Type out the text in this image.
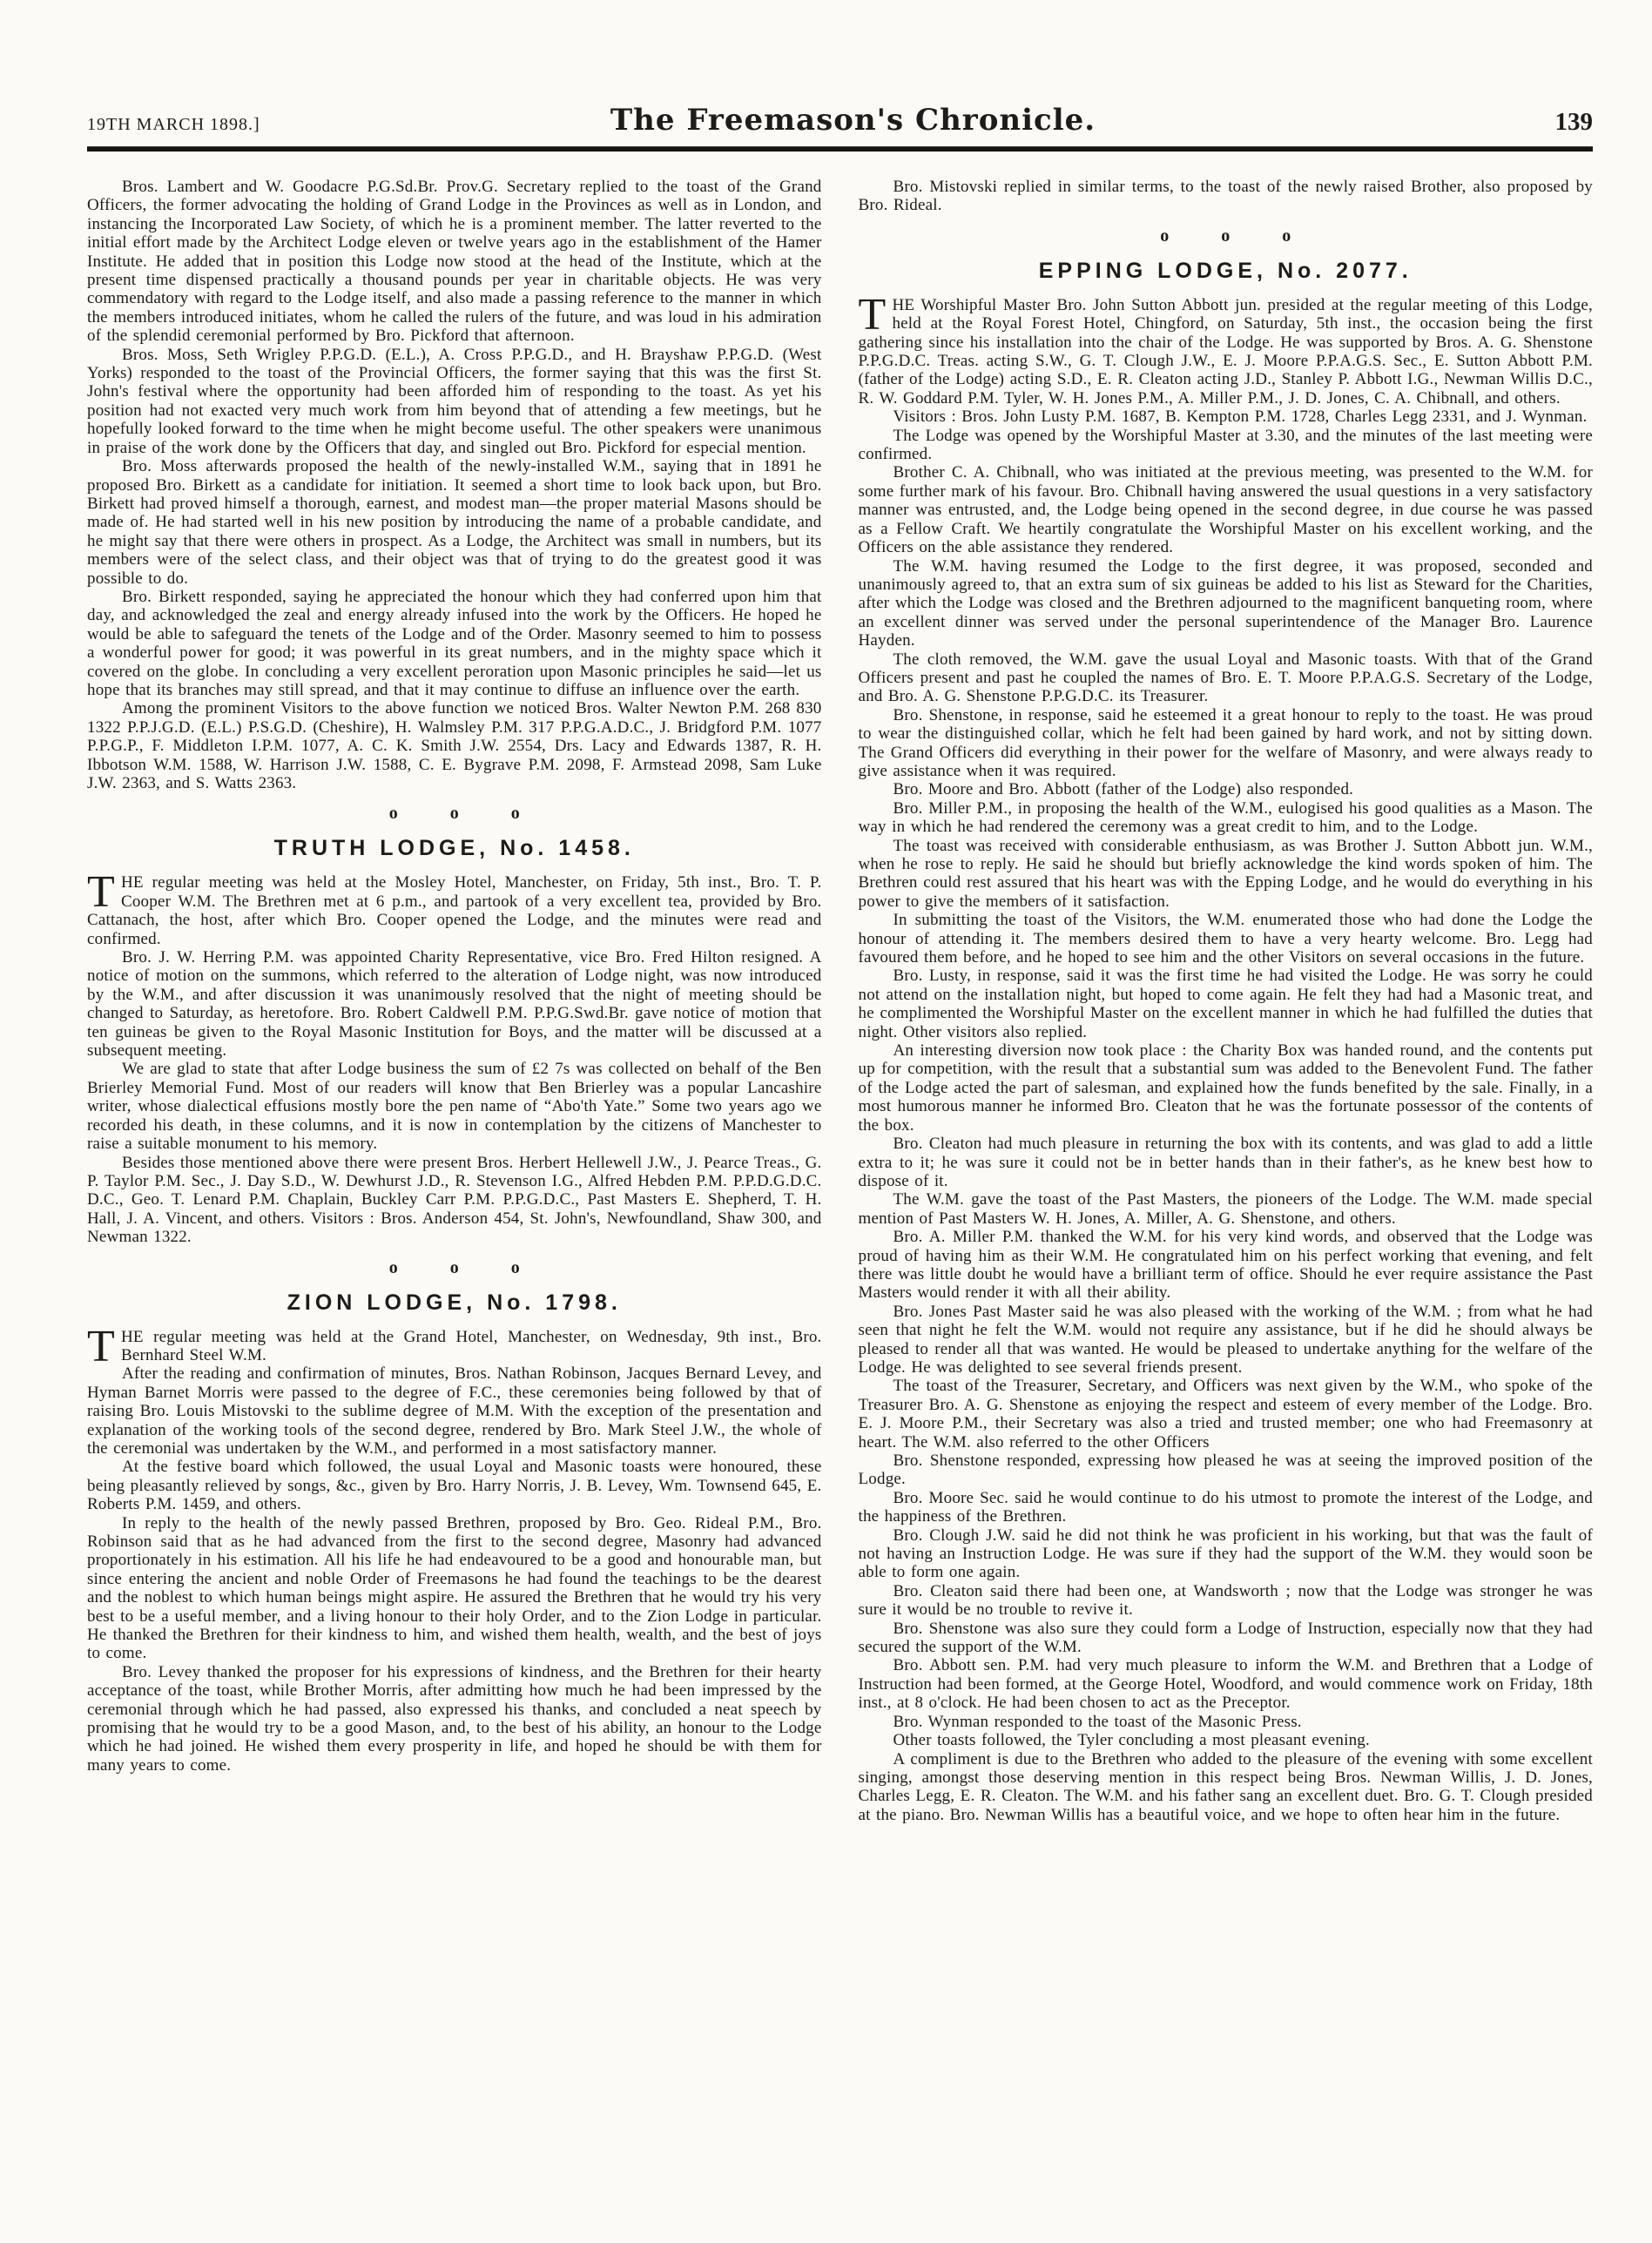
19TH MARCH 1898.]	The Freemason's Chronicle.	139

Bros. Lambert and W. Goodacre P.G.Sd.Br. Prov.G. Secretary replied to the toast of the Grand Officers, the former advocating the holding of Grand Lodge in the Provinces as well as in London, and instancing the Incorporated Law Society, of which he is a prominent member. The latter reverted to the initial effort made by the Architect Lodge eleven or twelve years ago in the establishment of the Hamer Institute. He added that in position this Lodge now stood at the head of the Institute, which at the present time dispensed practically a thousand pounds per year in charitable objects. He was very commendatory with regard to the Lodge itself, and also made a passing reference to the manner in which the members introduced initiates, whom he called the rulers of the future, and was loud in his admiration of the splendid ceremonial performed by Bro. Pickford that afternoon.

Bros. Moss, Seth Wrigley P.P.G.D. (E.L.), A. Cross P.P.G.D., and H. Brayshaw P.P.G.D. (West Yorks) responded to the toast of the Provincial Officers, the former saying that this was the first St. John's festival where the opportunity had been afforded him of responding to the toast. As yet his position had not exacted very much work from him beyond that of attending a few meetings, but he hopefully looked forward to the time when he might become useful. The other speakers were unanimous in praise of the work done by the Officers that day, and singled out Bro. Pickford for especial mention.

Bro. Moss afterwards proposed the health of the newly-installed W.M., saying that in 1891 he proposed Bro. Birkett as a candidate for initiation. It seemed a short time to look back upon, but Bro. Birkett had proved himself a thorough, earnest, and modest man—the proper material Masons should be made of. He had started well in his new position by introducing the name of a probable candidate, and he might say that there were others in prospect. As a Lodge, the Architect was small in numbers, but its members were of the select class, and their object was that of trying to do the greatest good it was possible to do.

Bro. Birkett responded, saying he appreciated the honour which they had conferred upon him that day, and acknowledged the zeal and energy already infused into the work by the Officers. He hoped he would be able to safeguard the tenets of the Lodge and of the Order. Masonry seemed to him to possess a wonderful power for good; it was powerful in its great numbers, and in the mighty space which it covered on the globe. In concluding a very excellent peroration upon Masonic principles he said—let us hope that its branches may still spread, and that it may continue to diffuse an influence over the earth.

Among the prominent Visitors to the above function we noticed Bros. Walter Newton P.M. 268 830 1322 P.P.J.G.D. (E.L.) P.S.G.D. (Cheshire), H. Walmsley P.M. 317 P.P.G.A.D.C., J. Bridgford P.M. 1077 P.P.G.P., F. Middleton I.P.M. 1077, A. C. K. Smith J.W. 2554, Drs. Lacy and Edwards 1387, R. H. Ibbotson W.M. 1588, W. Harrison J.W. 1588, C. E. Bygrave P.M. 2098, F. Armstead 2098, Sam Luke J.W. 2363, and S. Watts 2363.

o	o	o
TRUTH LODGE, No. 1458.

THE regular meeting was held at the Mosley Hotel, Manchester, on Friday, 5th inst., Bro. T. P. Cooper W.M. The Brethren met at 6 p.m., and partook of a very excellent tea, provided by Bro. Cattanach, the host, after which Bro. Cooper opened the Lodge, and the minutes were read and confirmed.

Bro. J. W. Herring P.M. was appointed Charity Representative, vice Bro. Fred Hilton resigned. A notice of motion on the summons, which referred to the alteration of Lodge night, was now introduced by the W.M., and after discussion it was unanimously resolved that the night of meeting should be changed to Saturday, as heretofore. Bro. Robert Caldwell P.M. P.P.G.Swd.Br. gave notice of motion that ten guineas be given to the Royal Masonic Institution for Boys, and the matter will be discussed at a subsequent meeting.

We are glad to state that after Lodge business the sum of £2 7s was collected on behalf of the Ben Brierley Memorial Fund. Most of our readers will know that Ben Brierley was a popular Lancashire writer, whose dialectical effusions mostly bore the pen name of “Abo'th Yate.” Some two years ago we recorded his death, in these columns, and it is now in contemplation by the citizens of Manchester to raise a suitable monument to his memory.

Besides those mentioned above there were present Bros. Herbert Hellewell J.W., J. Pearce Treas., G. P. Taylor P.M. Sec., J. Day S.D., W. Dewhurst J.D., R. Stevenson I.G., Alfred Hebden P.M. P.P.D.G.D.C. D.C., Geo. T. Lenard P.M. Chaplain, Buckley Carr P.M. P.P.G.D.C., Past Masters E. Shepherd, T. H. Hall, J. A. Vincent, and others. Visitors : Bros. Anderson 454, St. John's, Newfoundland, Shaw 300, and Newman 1322.

o	o	o
ZION LODGE, No. 1798.

THE regular meeting was held at the Grand Hotel, Manchester, on Wednesday, 9th inst., Bro. Bernhard Steel W.M.

After the reading and confirmation of minutes, Bros. Nathan Robinson, Jacques Bernard Levey, and Hyman Barnet Morris were passed to the degree of F.C., these ceremonies being followed by that of raising Bro. Louis Mistovski to the sublime degree of M.M. With the exception of the presentation and explanation of the working tools of the second degree, rendered by Bro. Mark Steel J.W., the whole of the ceremonial was undertaken by the W.M., and performed in a most satisfactory manner.

At the festive board which followed, the usual Loyal and Masonic toasts were honoured, these being pleasantly relieved by songs, &c., given by Bro. Harry Norris, J. B. Levey, Wm. Townsend 645, E. Roberts P.M. 1459, and others.

In reply to the health of the newly passed Brethren, proposed by Bro. Geo. Rideal P.M., Bro. Robinson said that as he had advanced from the first to the second degree, Masonry had advanced proportionately in his estimation. All his life he had endeavoured to be a good and honourable man, but since entering the ancient and noble Order of Freemasons he had found the teachings to be the dearest and the noblest to which human beings might aspire. He assured the Brethren that he would try his very best to be a useful member, and a living honour to their holy Order, and to the Zion Lodge in particular. He thanked the Brethren for their kindness to him, and wished them health, wealth, and the best of joys to come.

Bro. Levey thanked the proposer for his expressions of kindness, and the Brethren for their hearty acceptance of the toast, while Brother Morris, after admitting how much he had been impressed by the ceremonial through which he had passed, also expressed his thanks, and concluded a neat speech by promising that he would try to be a good Mason, and, to the best of his ability, an honour to the Lodge which he had joined. He wished them every prosperity in life, and hoped he should be with them for many years to come.

Bro. Mistovski replied in similar terms, to the toast of the newly raised Brother, also proposed by Bro. Rideal.

o	o	o
EPPING LODGE, No. 2077.

THE Worshipful Master Bro. John Sutton Abbott jun. presided at the regular meeting of this Lodge, held at the Royal Forest Hotel, Chingford, on Saturday, 5th inst., the occasion being the first gathering since his installation into the chair of the Lodge. He was supported by Bros. A. G. Shenstone P.P.G.D.C. Treas. acting S.W., G. T. Clough J.W., E. J. Moore P.P.A.G.S. Sec., E. Sutton Abbott P.M. (father of the Lodge) acting S.D., E. R. Cleaton acting J.D., Stanley P. Abbott I.G., Newman Willis D.C., R. W. Goddard P.M. Tyler, W. H. Jones P.M., A. Miller P.M., J. D. Jones, C. A. Chibnall, and others.

Visitors : Bros. John Lusty P.M. 1687, B. Kempton P.M. 1728, Charles Legg 2331, and J. Wynman.

The Lodge was opened by the Worshipful Master at 3.30, and the minutes of the last meeting were confirmed.

Brother C. A. Chibnall, who was initiated at the previous meeting, was presented to the W.M. for some further mark of his favour. Bro. Chibnall having answered the usual questions in a very satisfactory manner was entrusted, and, the Lodge being opened in the second degree, in due course he was passed as a Fellow Craft. We heartily congratulate the Worshipful Master on his excellent working, and the Officers on the able assistance they rendered.

The W.M. having resumed the Lodge to the first degree, it was proposed, seconded and unanimously agreed to, that an extra sum of six guineas be added to his list as Steward for the Charities, after which the Lodge was closed and the Brethren adjourned to the magnificent banqueting room, where an excellent dinner was served under the personal superintendence of the Manager Bro. Laurence Hayden.

The cloth removed, the W.M. gave the usual Loyal and Masonic toasts. With that of the Grand Officers present and past he coupled the names of Bro. E. T. Moore P.P.A.G.S. Secretary of the Lodge, and Bro. A. G. Shenstone P.P.G.D.C. its Treasurer.

Bro. Shenstone, in response, said he esteemed it a great honour to reply to the toast. He was proud to wear the distinguished collar, which he felt had been gained by hard work, and not by sitting down. The Grand Officers did everything in their power for the welfare of Masonry, and were always ready to give assistance when it was required.

Bro. Moore and Bro. Abbott (father of the Lodge) also responded.

Bro. Miller P.M., in proposing the health of the W.M., eulogised his good qualities as a Mason. The way in which he had rendered the ceremony was a great credit to him, and to the Lodge.

The toast was received with considerable enthusiasm, as was Brother J. Sutton Abbott jun. W.M., when he rose to reply. He said he should but briefly acknowledge the kind words spoken of him. The Brethren could rest assured that his heart was with the Epping Lodge, and he would do everything in his power to give the members of it satisfaction.

In submitting the toast of the Visitors, the W.M. enumerated those who had done the Lodge the honour of attending it. The members desired them to have a very hearty welcome. Bro. Legg had favoured them before, and he hoped to see him and the other Visitors on several occasions in the future.

Bro. Lusty, in response, said it was the first time he had visited the Lodge. He was sorry he could not attend on the installation night, but hoped to come again. He felt they had had a Masonic treat, and he complimented the Worshipful Master on the excellent manner in which he had fulfilled the duties that night. Other visitors also replied.

An interesting diversion now took place : the Charity Box was handed round, and the contents put up for competition, with the result that a substantial sum was added to the Benevolent Fund. The father of the Lodge acted the part of salesman, and explained how the funds benefited by the sale. Finally, in a most humorous manner he informed Bro. Cleaton that he was the fortunate possessor of the contents of the box.

Bro. Cleaton had much pleasure in returning the box with its contents, and was glad to add a little extra to it; he was sure it could not be in better hands than in their father's, as he knew best how to dispose of it.

The W.M. gave the toast of the Past Masters, the pioneers of the Lodge. The W.M. made special mention of Past Masters W. H. Jones, A. Miller, A. G. Shenstone, and others.

Bro. A. Miller P.M. thanked the W.M. for his very kind words, and observed that the Lodge was proud of having him as their W.M. He congratulated him on his perfect working that evening, and felt there was little doubt he would have a brilliant term of office. Should he ever require assistance the Past Masters would render it with all their ability.

Bro. Jones Past Master said he was also pleased with the working of the W.M. ; from what he had seen that night he felt the W.M. would not require any assistance, but if he did he should always be pleased to render all that was wanted. He would be pleased to undertake anything for the welfare of the Lodge. He was delighted to see several friends present.

The toast of the Treasurer, Secretary, and Officers was next given by the W.M., who spoke of the Treasurer Bro. A. G. Shenstone as enjoying the respect and esteem of every member of the Lodge. Bro. E. J. Moore P.M., their Secretary was also a tried and trusted member; one who had Freemasonry at heart. The W.M. also referred to the other Officers

Bro. Shenstone responded, expressing how pleased he was at seeing the improved position of the Lodge.

Bro. Moore Sec. said he would continue to do his utmost to promote the interest of the Lodge, and the happiness of the Brethren.

Bro. Clough J.W. said he did not think he was proficient in his working, but that was the fault of not having an Instruction Lodge. He was sure if they had the support of the W.M. they would soon be able to form one again.

Bro. Cleaton said there had been one, at Wandsworth ; now that the Lodge was stronger he was sure it would be no trouble to revive it.

Bro. Shenstone was also sure they could form a Lodge of Instruction, especially now that they had secured the support of the W.M.

Bro. Abbott sen. P.M. had very much pleasure to inform the W.M. and Brethren that a Lodge of Instruction had been formed, at the George Hotel, Woodford, and would commence work on Friday, 18th inst., at 8 o'clock. He had been chosen to act as the Preceptor.

Bro. Wynman responded to the toast of the Masonic Press.

Other toasts followed, the Tyler concluding a most pleasant evening.

A compliment is due to the Brethren who added to the pleasure of the evening with some excellent singing, amongst those deserving mention in this respect being Bros. Newman Willis, J. D. Jones, Charles Legg, E. R. Cleaton. The W.M. and his father sang an excellent duet. Bro. G. T. Clough presided at the piano. Bro. Newman Willis has a beautiful voice, and we hope to often hear him in the future.
